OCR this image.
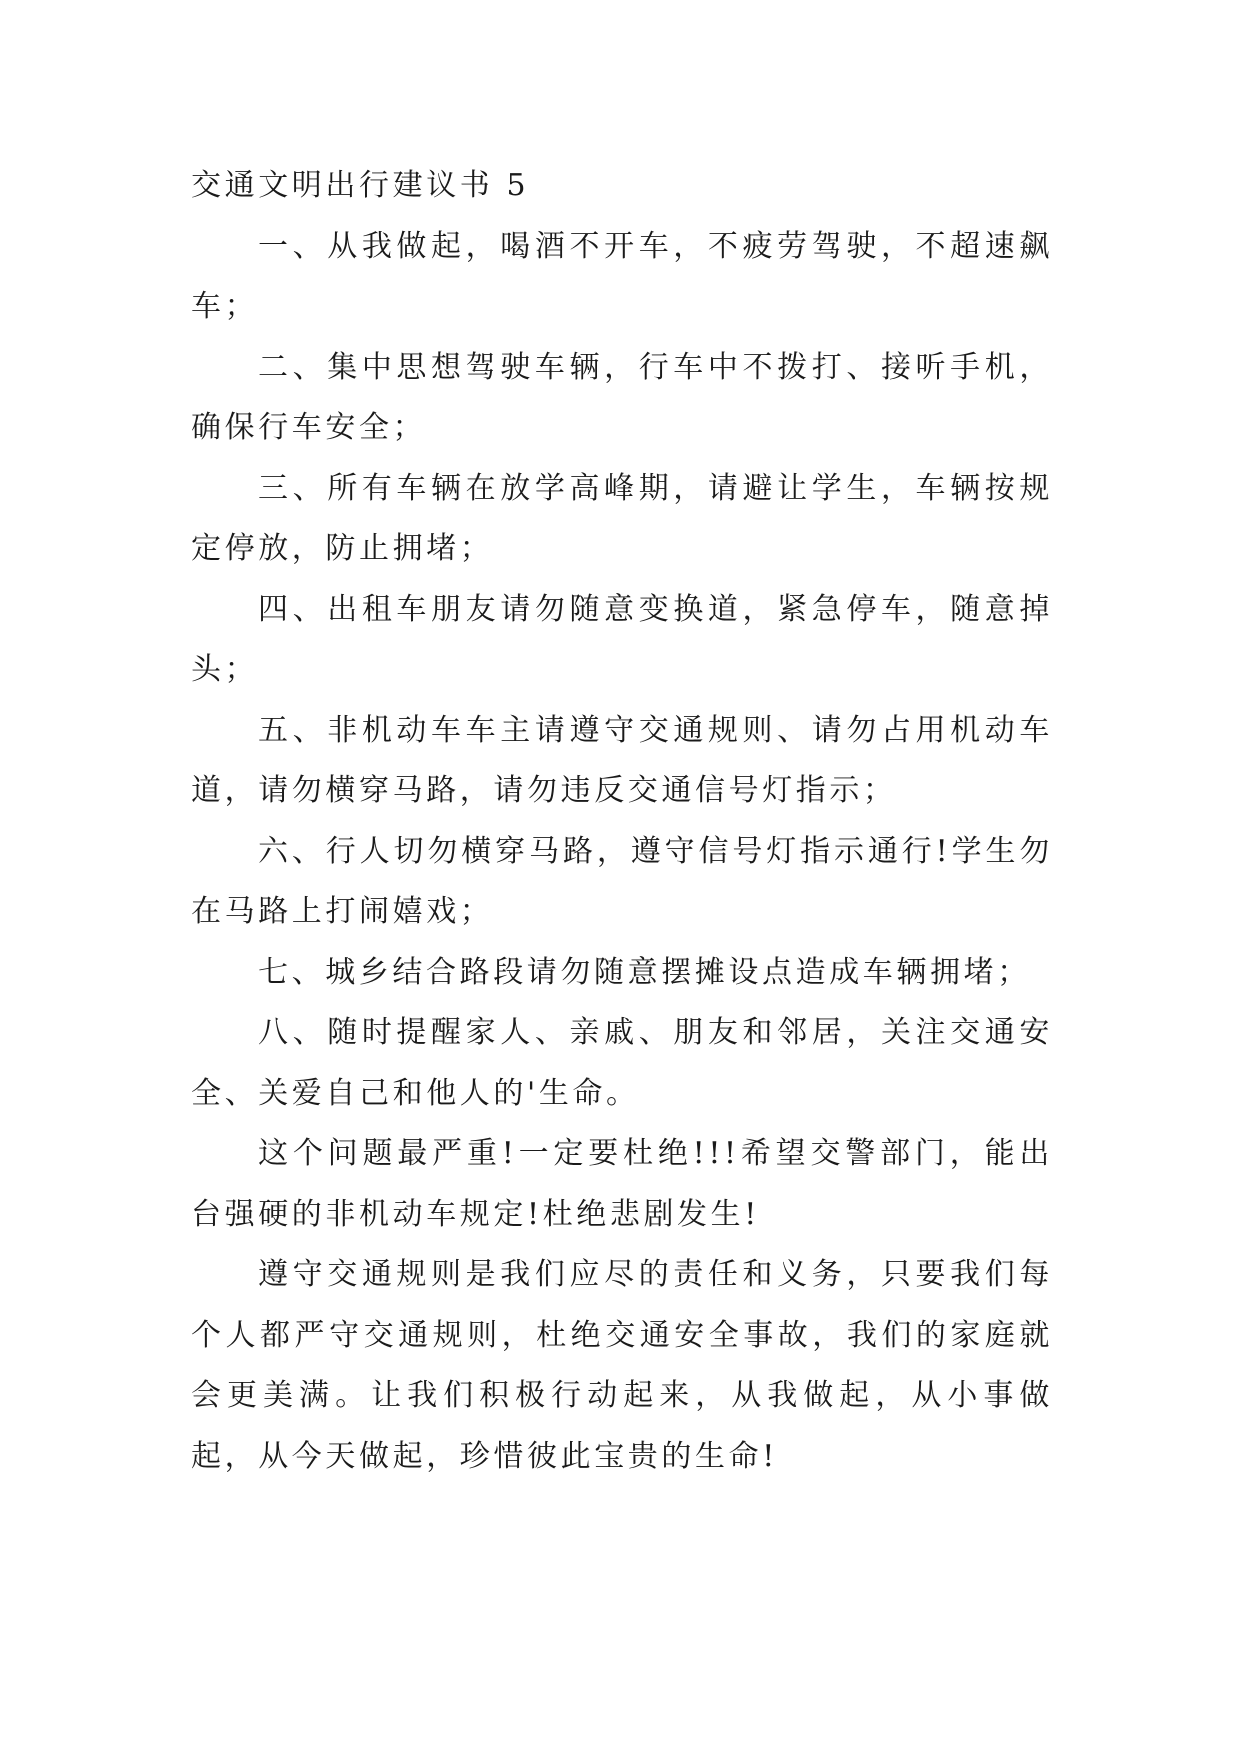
交通文明出行建议书 5

一、从我做起，喝酒不开车，不疲劳驾驶，不超速飙车；

二、集中思想驾驶车辆，行车中不拨打、接听手机，确保行车安全；

三、所有车辆在放学高峰期，请避让学生，车辆按规定停放，防止拥堵；

四、出租车朋友请勿随意变换道，紧急停车，随意掉头；

五、非机动车车主请遵守交通规则、请勿占用机动车道，请勿横穿马路，请勿违反交通信号灯指示；

六、行人切勿横穿马路，遵守信号灯指示通行!学生勿在马路上打闹嬉戏；

七、城乡结合路段请勿随意摆摊设点造成车辆拥堵；

八、随时提醒家人、亲戚、朋友和邻居，关注交通安全、关爱自己和他人的'生命。

这个问题最严重!一定要杜绝!!!希望交警部门，能出台强硬的非机动车规定!杜绝悲剧发生!

遵守交通规则是我们应尽的责任和义务，只要我们每个人都严守交通规则，杜绝交通安全事故，我们的家庭就会更美满。让我们积极行动起来，从我做起，从小事做起，从今天做起，珍惜彼此宝贵的生命!
